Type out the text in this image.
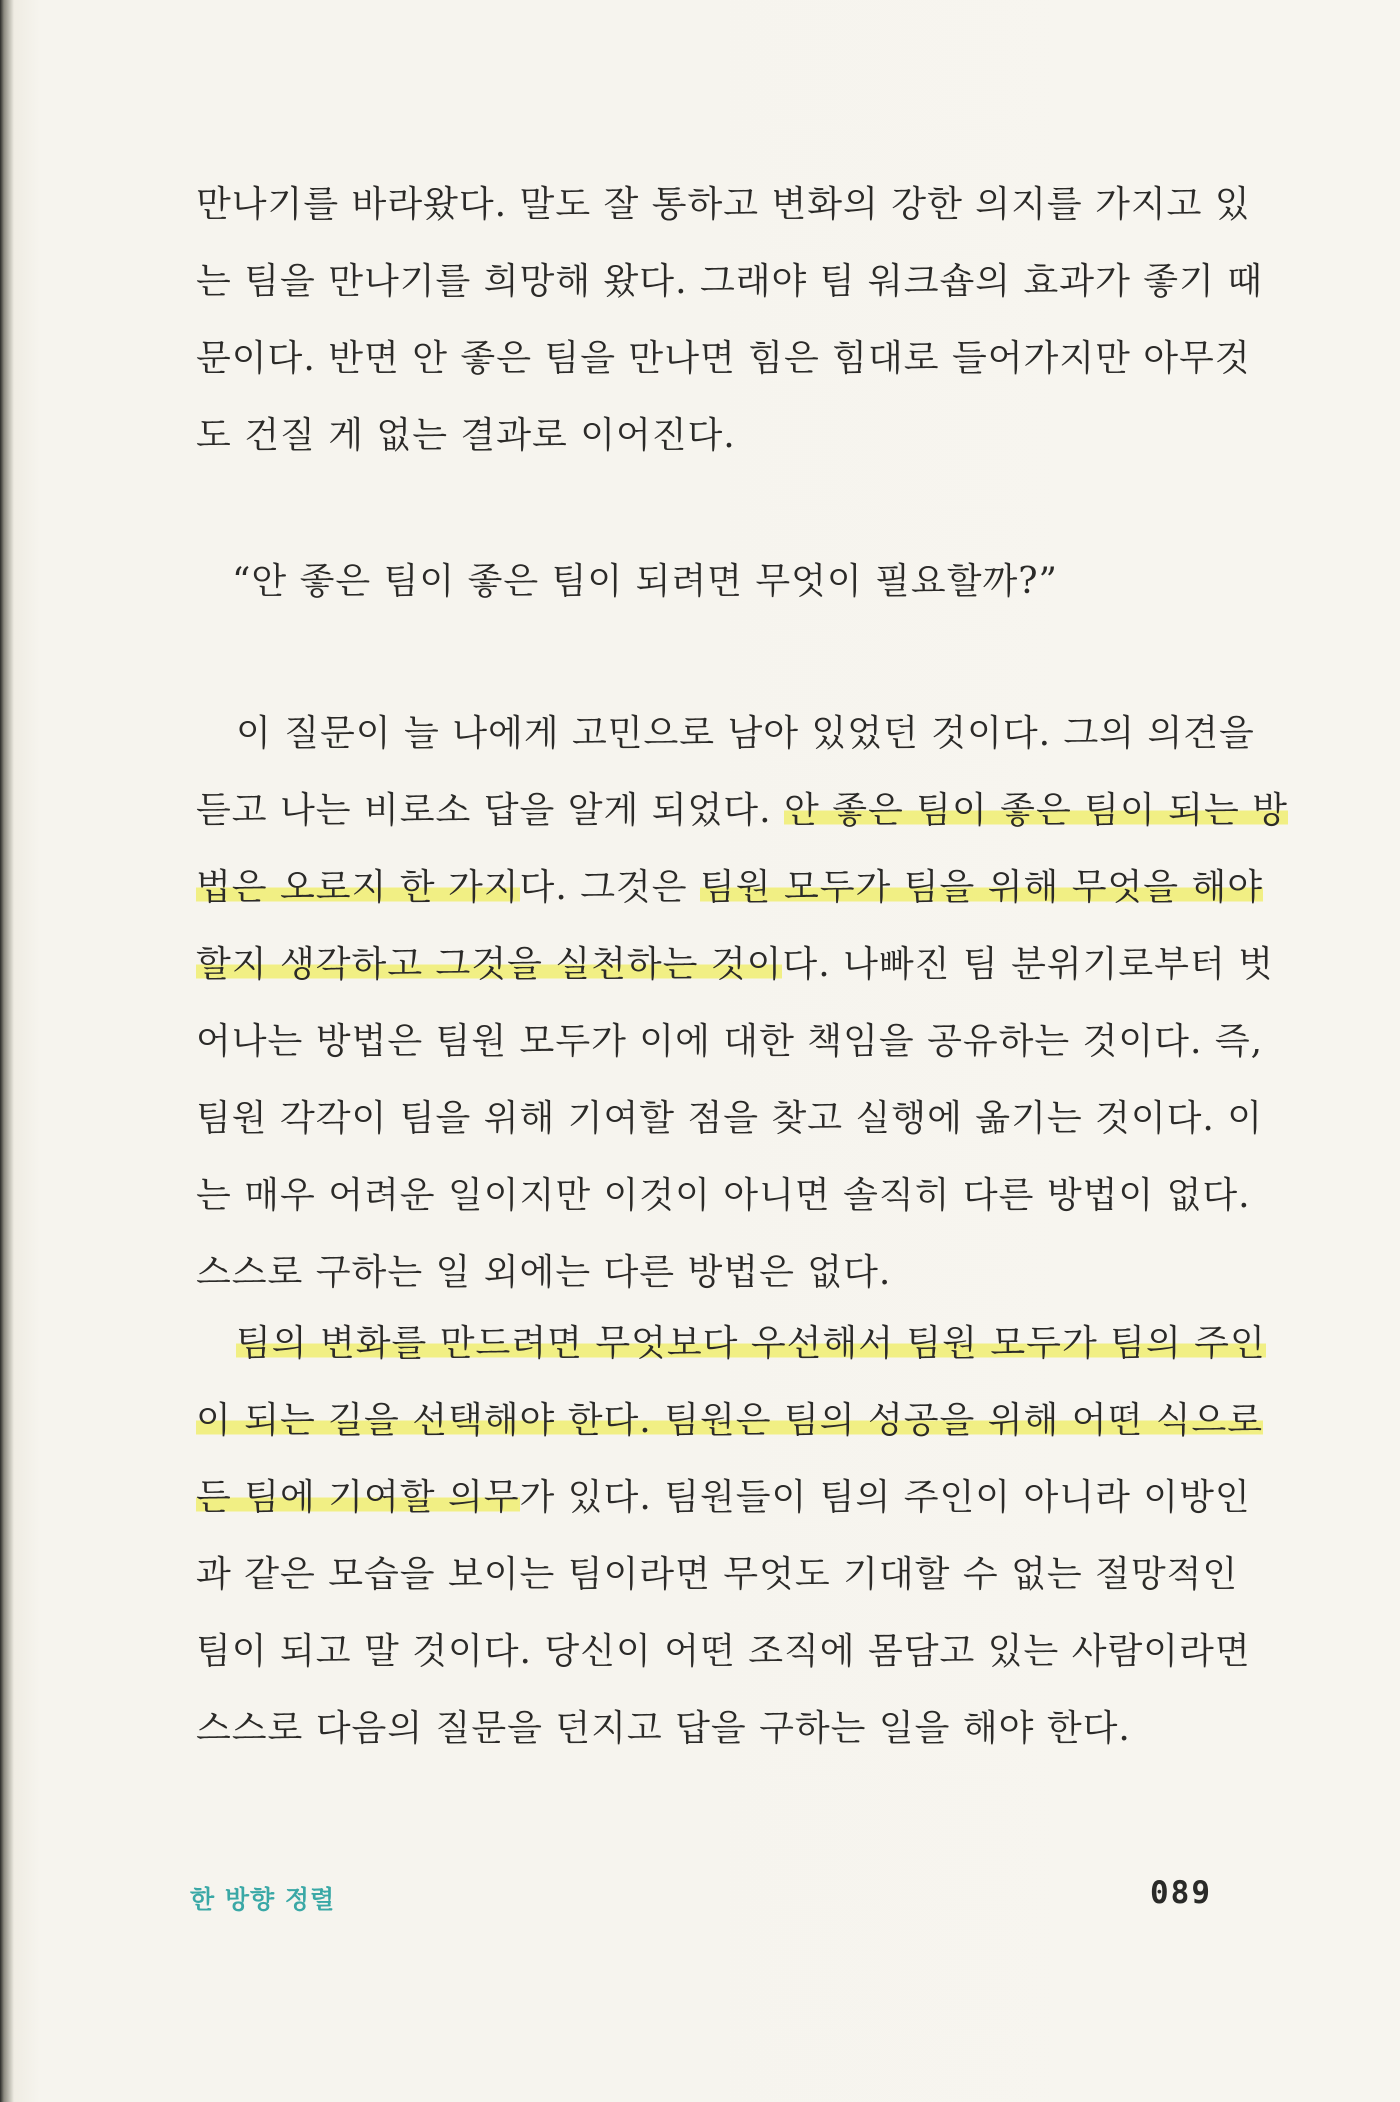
만나기를 바라왔다. 말도 잘 통하고 변화의 강한 의지를 가지고 있
는 팀을 만나기를 희망해 왔다. 그래야 팀 워크숍의 효과가 좋기 때
문이다. 반면 안 좋은 팀을 만나면 힘은 힘대로 들어가지만 아무것
도 건질 게 없는 결과로 이어진다.
“안 좋은 팀이 좋은 팀이 되려면 무엇이 필요할까?”
이 질문이 늘 나에게 고민으로 남아 있었던 것이다. 그의 의견을
듣고 나는 비로소 답을 알게 되었다. 안 좋은 팀이 좋은 팀이 되는 방
법은 오로지 한 가지다. 그것은 팀원 모두가 팀을 위해 무엇을 해야
할지 생각하고 그것을 실천하는 것이다. 나빠진 팀 분위기로부터 벗
어나는 방법은 팀원 모두가 이에 대한 책임을 공유하는 것이다. 즉,
팀원 각각이 팀을 위해 기여할 점을 찾고 실행에 옮기는 것이다. 이
는 매우 어려운 일이지만 이것이 아니면 솔직히 다른 방법이 없다.
스스로 구하는 일 외에는 다른 방법은 없다.
팀의 변화를 만드려면 무엇보다 우선해서 팀원 모두가 팀의 주인
이 되는 길을 선택해야 한다. 팀원은 팀의 성공을 위해 어떤 식으로
든 팀에 기여할 의무가 있다. 팀원들이 팀의 주인이 아니라 이방인
과 같은 모습을 보이는 팀이라면 무엇도 기대할 수 없는 절망적인
팀이 되고 말 것이다. 당신이 어떤 조직에 몸담고 있는 사람이라면
스스로 다음의 질문을 던지고 답을 구하는 일을 해야 한다.
한 방향 정렬	089
